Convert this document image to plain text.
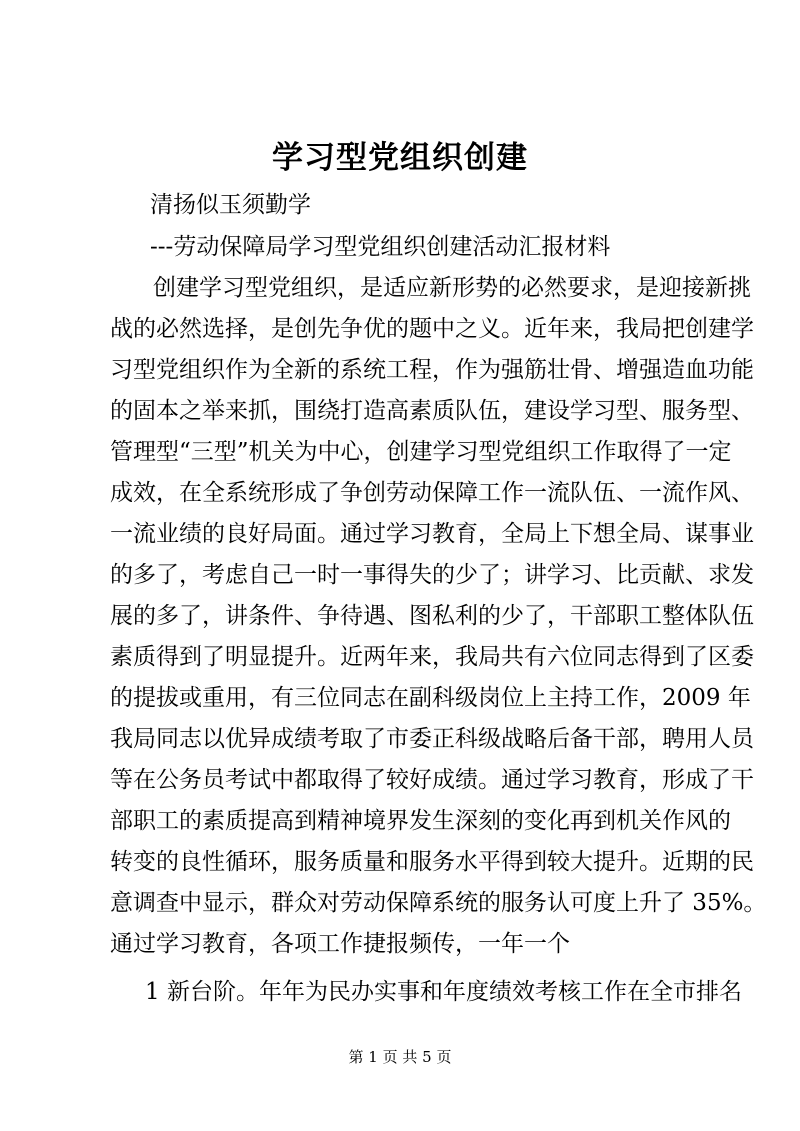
学习型党组织创建
清扬似玉须勤学
---劳动保障局学习型党组织创建活动汇报材料
创建学习型党组织，是适应新形势的必然要求，是迎接新挑
战的必然选择，是创先争优的题中之义。近年来，我局把创建学
习型党组织作为全新的系统工程，作为强筋壮骨、增强造血功能
的固本之举来抓，围绕打造高素质队伍，建设学习型、服务型、
管理型“三型”机关为中心，创建学习型党组织工作取得了一定
成效，在全系统形成了争创劳动保障工作一流队伍、一流作风、
一流业绩的良好局面。通过学习教育，全局上下想全局、谋事业
的多了，考虑自己一时一事得失的少了；讲学习、比贡献、求发
展的多了，讲条件、争待遇、图私利的少了，干部职工整体队伍
素质得到了明显提升。近两年来，我局共有六位同志得到了区委
的提拔或重用，有三位同志在副科级岗位上主持工作，2009 年
我局同志以优异成绩考取了市委正科级战略后备干部，聘用人员
等在公务员考试中都取得了较好成绩。通过学习教育，形成了干
部职工的素质提高到精神境界发生深刻的变化再到机关作风的
转变的良性循环，服务质量和服务水平得到较大提升。近期的民
意调查中显示，群众对劳动保障系统的服务认可度上升了 35%。
通过学习教育，各项工作捷报频传，一年一个
1 新台阶。年年为民办实事和年度绩效考核工作在全市排名
第 1 页 共 5 页
